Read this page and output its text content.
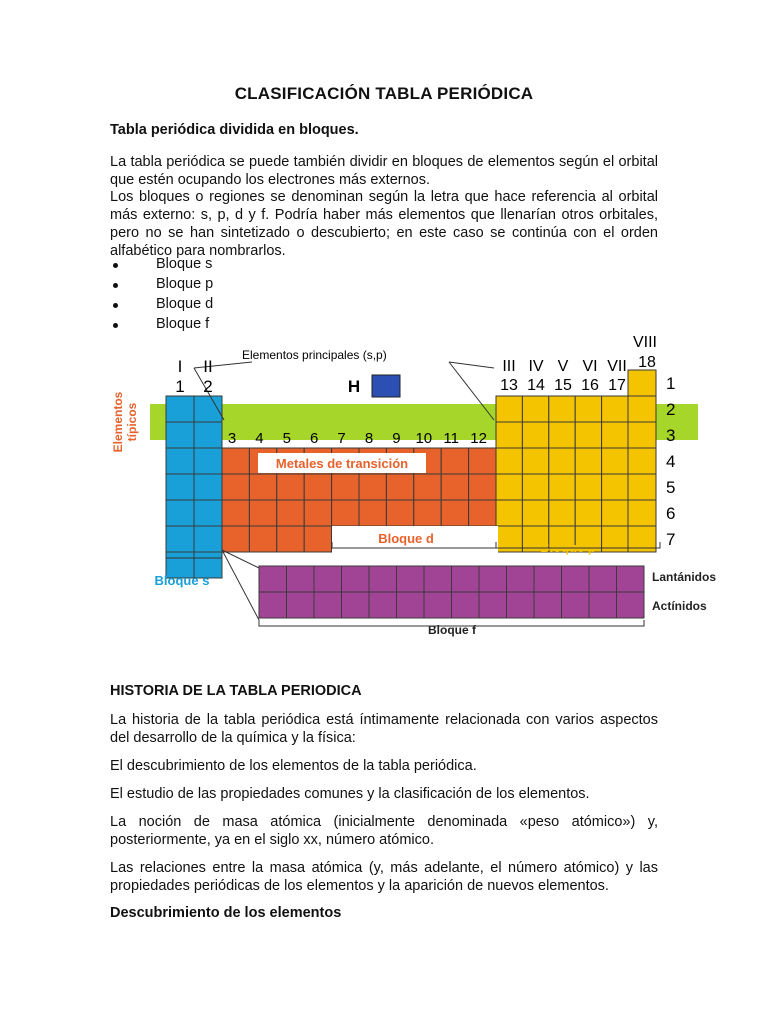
CLASIFICACIÓN TABLA PERIÓDICA
Tabla periódica dividida en bloques.

La tabla periódica se puede también dividir en bloques de elementos según el orbital que estén ocupando los electrones más externos.

Los bloques o regiones se denominan según la letra que hace referencia al orbital más externo: s, p, d y f. Podría haber más elementos que llenarían otros orbitales, pero no se han sintetizado o descubierto; en este caso se continúa con el orden alfabético para nombrarlos.

Bloque s
Bloque p
Bloque d
Bloque f
I II
1 2
Elementos principales (s,p)
H
III IV V VI VII
13 14 15 16 17
VIII
18
3 4 5 6 7 8 9 10 11 12
1
2
3
4
5
6
7
Elementos típicos
Metales de transición
Bloque s
Bloque d
Bloque p
Bloque f
Lantánidos
Actínidos
HISTORIA DE LA TABLA PERIODICA

La historia de la tabla periódica está íntimamente relacionada con varios aspectos del desarrollo de la química y la física:

El descubrimiento de los elementos de la tabla periódica.

El estudio de las propiedades comunes y la clasificación de los elementos.

La noción de masa atómica (inicialmente denominada «peso atómico») y, posteriormente, ya en el siglo xx, número atómico.

Las relaciones entre la masa atómica (y, más adelante, el número atómico) y las propiedades periódicas de los elementos y la aparición de nuevos elementos.

Descubrimiento de los elementos
